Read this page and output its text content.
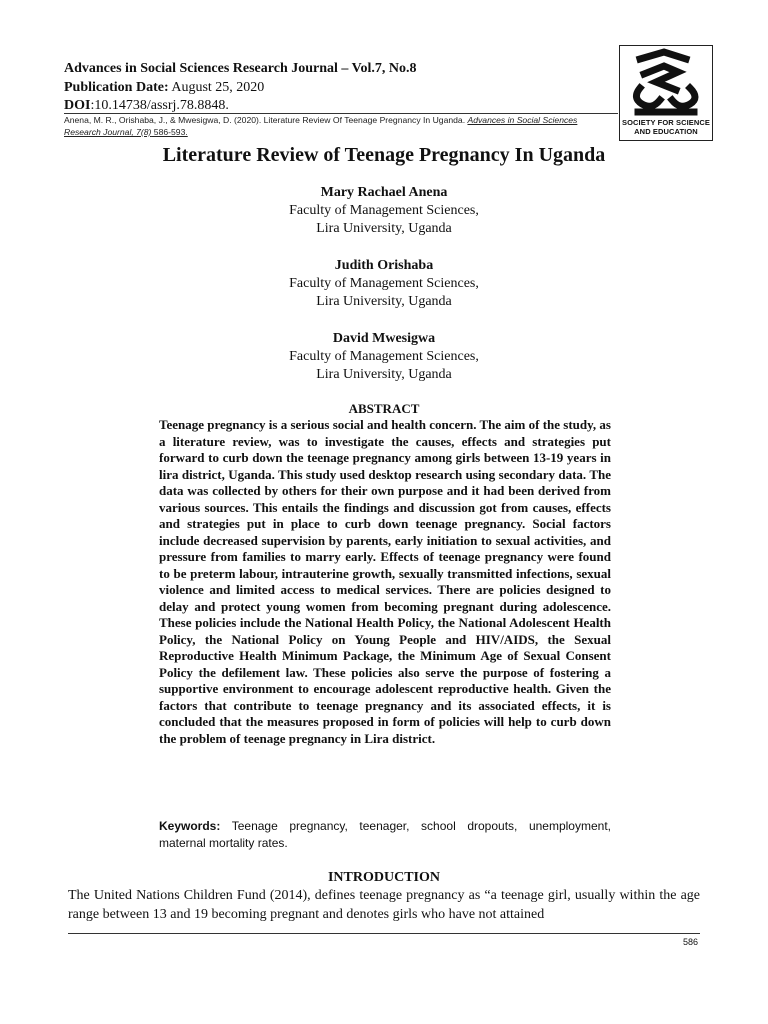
Advances in Social Sciences Research Journal – Vol.7, No.8
Publication Date: August 25, 2020
DOI:10.14738/assrj.78.8848.
Anena, M. R., Orishaba, J., & Mwesigwa, D. (2020). Literature Review Of Teenage Pregnancy In Uganda. Advances in Social Sciences Research Journal, 7(8) 586-593.
SOCIETY FOR SCIENCE
AND EDUCATION
Literature Review of Teenage Pregnancy In Uganda
Mary Rachael Anena
Faculty of Management Sciences,
Lira University, Uganda
Judith Orishaba
Faculty of Management Sciences,
Lira University, Uganda
David Mwesigwa
Faculty of Management Sciences,
Lira University, Uganda
ABSTRACT

Teenage pregnancy is a serious social and health concern. The aim of the study, as a literature review, was to investigate the causes, effects and strategies put forward to curb down the teenage pregnancy among girls between 13-19 years in lira district, Uganda. This study used desktop research using secondary data. The data was collected by others for their own purpose and it had been derived from various sources. This entails the findings and discussion got from causes, effects and strategies put in place to curb down teenage pregnancy. Social factors include decreased supervision by parents, early initiation to sexual activities, and pressure from families to marry early. Effects of teenage pregnancy were found to be preterm labour, intrauterine growth, sexually transmitted infections, sexual violence and limited access to medical services. There are policies designed to delay and protect young women from becoming pregnant during adolescence. These policies include the National Health Policy, the National Adolescent Health Policy, the National Policy on Young People and HIV/AIDS, the Sexual Reproductive Health Minimum Package, the Minimum Age of Sexual Consent Policy the defilement law. These policies also serve the purpose of fostering a supportive environment to encourage adolescent reproductive health. Given the factors that contribute to teenage pregnancy and its associated effects, it is concluded that the measures proposed in form of policies will help to curb down the problem of teenage pregnancy in Lira district.

Keywords: Teenage pregnancy, teenager, school dropouts, unemployment, maternal mortality rates.

INTRODUCTION

The United Nations Children Fund (2014), defines teenage pregnancy as “a teenage girl, usually within the age range between 13 and 19 becoming pregnant and denotes girls who have not attained

586
